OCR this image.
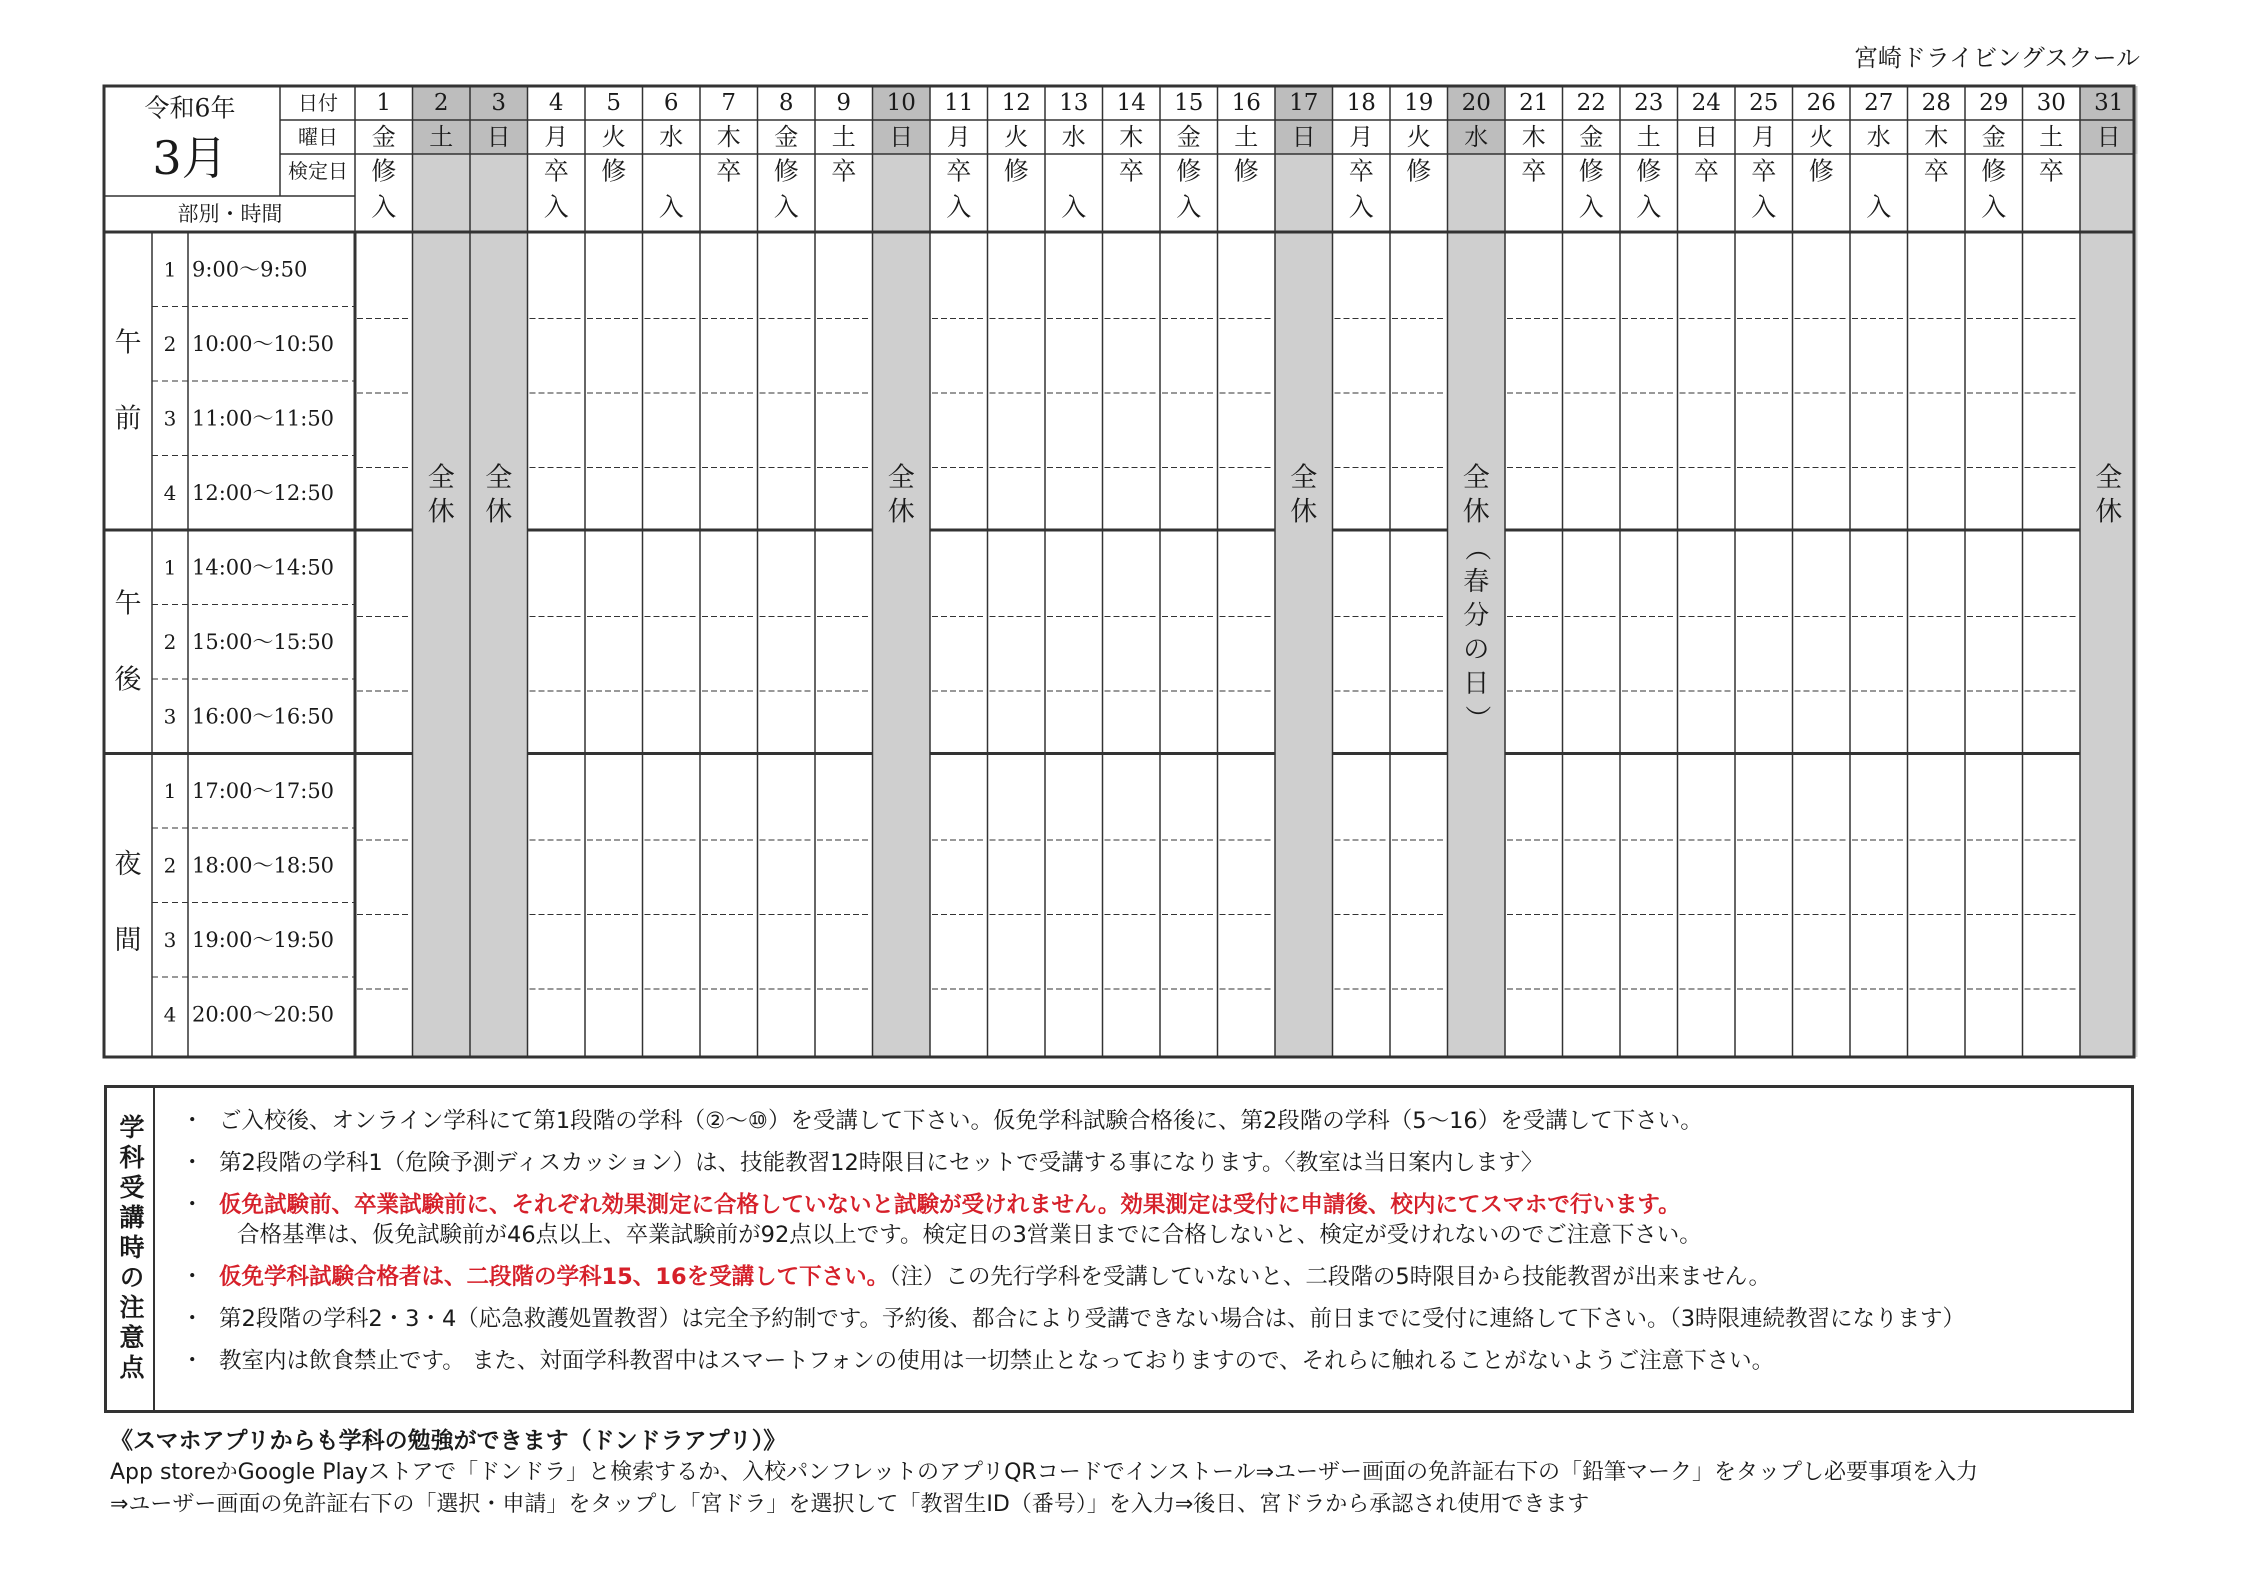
宮崎ドライビングスクール
令和6年
3月
日付
曜日
検定日
部別・時間
1
金
修
入
2
土
3
日
4
月
卒
入
5
火
修
6
水
入
7
木
卒
8
金
修
入
9
土
卒
10
日
11
月
卒
入
12
火
修
13
水
入
14
木
卒
15
金
修
入
16
土
修
17
日
18
月
卒
入
19
火
修
20
水
21
木
卒
22
金
修
入
23
土
修
入
24
日
卒
25
月
卒
入
26
火
修
27
水
入
28
木
卒
29
金
修
入
30
土
卒
31
日
1 9:00～9:50
2 10:00～10:50
3 11:00～11:50
4 12:00～12:50
午
前
1 14:00～14:50
2 15:00～15:50
3 16:00～16:50
午
後
1 17:00～17:50
2 18:00～18:50
3 19:00～19:50
4 20:00～20:50
夜
間
全
休
全
休
全
休
全
休
全
休
（
春
分
の
日
）
全
休
学科受講時の注意点 ・ ご入校後、オンライン学科にて第1段階の学科（②～⑩）を受講して下さい。仮免学科試験合格後に、第2段階の学科（5～16）を受講して下さい。
・ 第2段階の学科1（危険予測ディスカッション）は、技能教習12時限目にセットで受講する事になります。〈教室は当日案内します〉
・ 仮免試験前、卒業試験前に、それぞれ効果測定に合格していないと試験が受けれません。効果測定は受付に申請後、校内にてスマホで行います。
合格基準は、仮免試験前が46点以上、卒業試験前が92点以上です。検定日の3営業日までに合格しないと、検定が受けれないのでご注意下さい。
・ 仮免学科試験合格者は、二段階の学科15、16を受講して下さい。（注）この先行学科を受講していないと、二段階の5時限目から技能教習が出来ません。
・ 第2段階の学科2・3・4（応急救護処置教習）は完全予約制です。予約後、都合により受講できない場合は、前日までに受付に連絡して下さい。（3時限連続教習になります）
・ 教室内は飲食禁止です。 また、対面学科教習中はスマートフォンの使用は一切禁止となっておりますので、それらに触れることがないようご注意下さい。
《スマホアプリからも学科の勉強ができます（ドンドラアプリ）》
App storeかGoogle Playストアで「ドンドラ」と検索するか、入校パンフレットのアプリQRコードでインストール⇒ユーザー画面の免許証右下の「鉛筆マーク」をタップし必要事項を入力
⇒ユーザー画面の免許証右下の「選択・申請」をタップし「宮ドラ」を選択して「教習生ID（番号）」を入力⇒後日、宮ドラから承認され使用できます
